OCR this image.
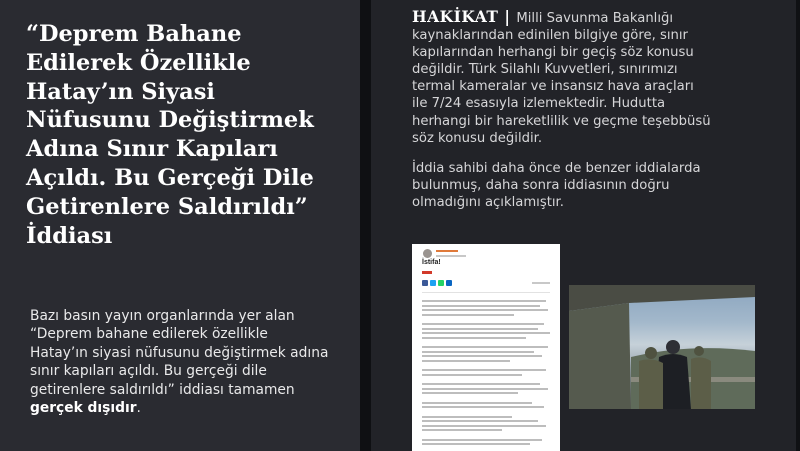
“Deprem Bahane Edilerek Özellikle Hatay’ın Siyasi Nüfusunu Değiştirmek Adına Sınır Kapıları Açıldı. Bu Gerçeği Dile Getirenlere Saldırıldı” İddiası

Bazı basın yayın organlarında yer alan “Deprem bahane edilerek özellikle Hatay’ın siyasi nüfusunu değiştirmek adına sınır kapıları açıldı. Bu gerçeği dile getirenlere saldırıldı” iddiası tamamen gerçek dışıdır.

HAKİKAT | Milli Savunma Bakanlığı kaynaklarından edinilen bilgiye göre, sınır kapılarından herhangi bir geçiş söz konusu değildir. Türk Silahlı Kuvvetleri, sınırımızı termal kameralar ve insansız hava araçları ile 7/24 esasıyla izlemektedir. Hudutta herhangi bir hareketlilik ve geçme teşebbüsü söz konusu değildir.

İddia sahibi daha önce de benzer iddialarda bulunmuş, daha sonra iddiasının doğru olmadığını açıklamıştır.

İstifa!
